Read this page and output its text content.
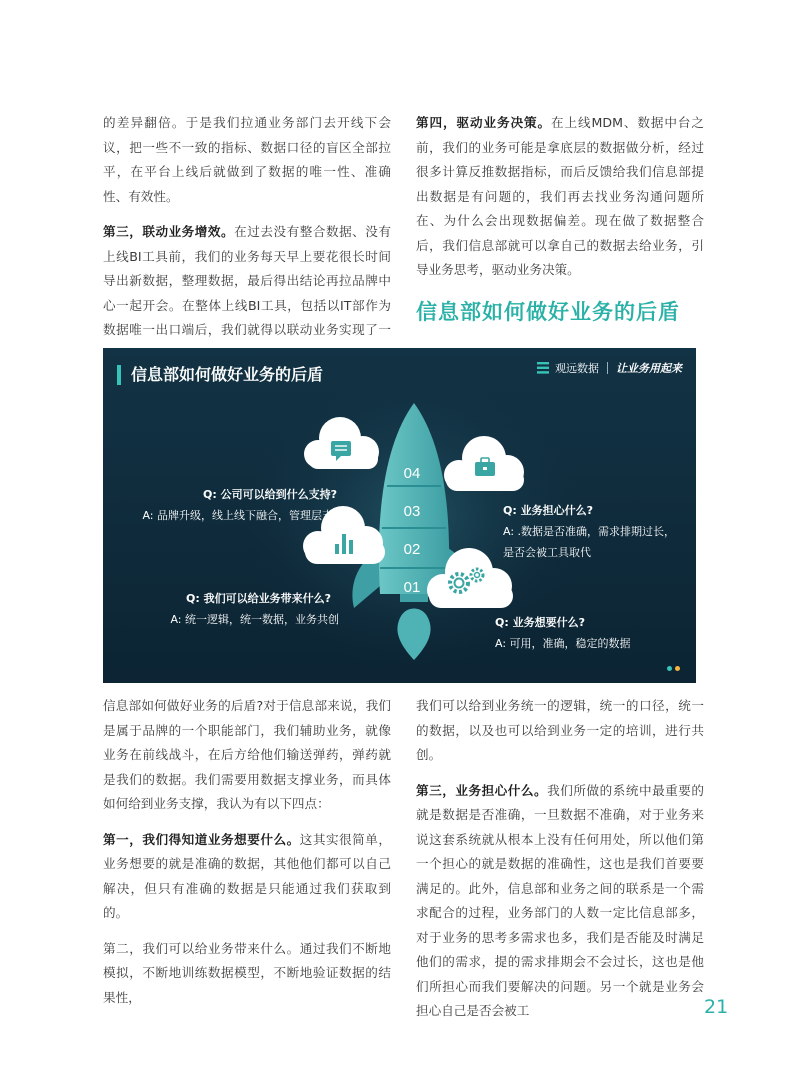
的差异翻倍。于是我们拉通业务部门去开线下会议，把一些不一致的指标、数据口径的盲区全部拉平，在平台上线后就做到了数据的唯一性、准确性、有效性。

第三，联动业务增效。在过去没有整合数据、没有上线BI工具前，我们的业务每天早上要花很长时间导出新数据，整理数据，最后得出结论再拉品牌中心一起开会。在整体上线BI工具，包括以IT部作为数据唯一出口端后，我们就得以联动业务实现了一

第四，驱动业务决策。在上线MDM、数据中台之前，我们的业务可能是拿底层的数据做分析，经过很多计算反推数据指标，而后反馈给我们信息部提出数据是有问题的，我们再去找业务沟通问题所在、为什么会出现数据偏差。现在做了数据整合后，我们信息部就可以拿自己的数据去给业务，引导业务思考，驱动业务决策。

信息部如何做好业务的后盾
04
03
02
01
信息部如何做好业务的后盾	观远数据 让业务用起来
Q: 公司可以给到什么支持?
A: 品牌升级，线上线下融合，管理层支持
Q: 我们可以给业务带来什么?
A: 统一逻辑，统一数据，业务共创
Q: 业务担心什么?
A: .数据是否准确，需求排期过长，
是否会被工具取代
Q: 业务想要什么?
A: 可用，准确，稳定的数据

信息部如何做好业务的后盾?对于信息部来说，我们是属于品牌的一个职能部门，我们辅助业务，就像业务在前线战斗，在后方给他们输送弹药，弹药就是我们的数据。我们需要用数据支撑业务，而具体如何给到业务支撑，我认为有以下四点：

第一，我们得知道业务想要什么。这其实很简单，业务想要的就是准确的数据，其他他们都可以自己解决，但只有准确的数据是只能通过我们获取到的。

第二，我们可以给业务带来什么。通过我们不断地模拟，不断地训练数据模型，不断地验证数据的结果性，

我们可以给到业务统一的逻辑，统一的口径，统一的数据，以及也可以给到业务一定的培训，进行共创。

第三，业务担心什么。我们所做的系统中最重要的就是数据是否准确，一旦数据不准确，对于业务来说这套系统就从根本上没有任何用处，所以他们第一个担心的就是数据的准确性，这也是我们首要要满足的。此外，信息部和业务之间的联系是一个需求配合的过程，业务部门的人数一定比信息部多，对于业务的思考多需求也多，我们是否能及时满足他们的需求，提的需求排期会不会过长，这也是他们所担心而我们要解决的问题。另一个就是业务会担心自己是否会被工	21
